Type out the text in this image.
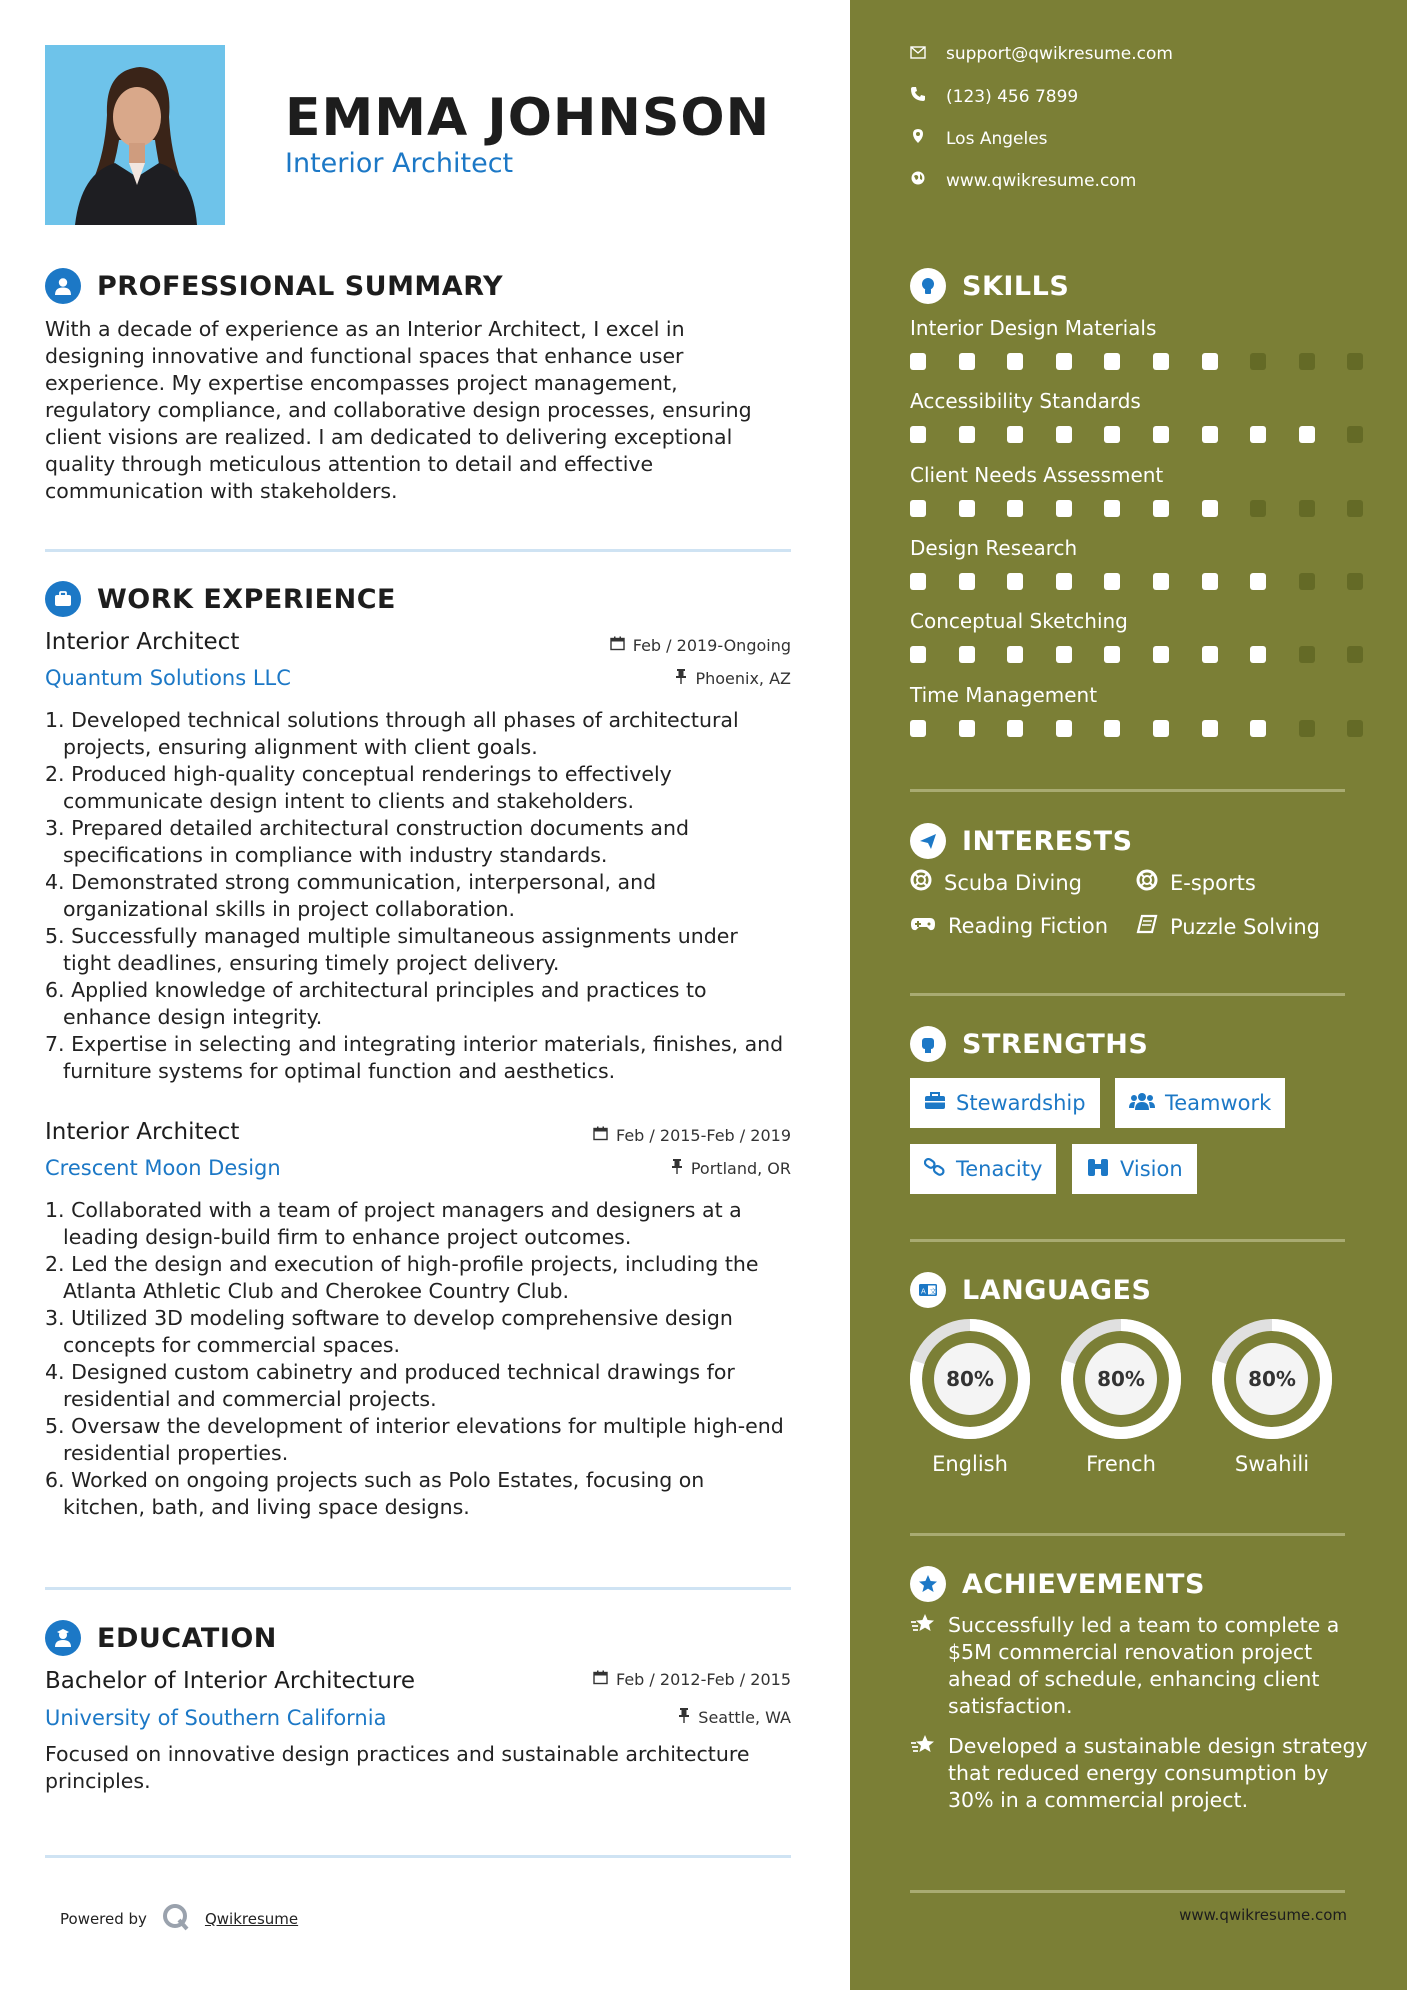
EMMA JOHNSON
Interior Architect
PROFESSIONAL SUMMARY
With a decade of experience as an Interior Architect, I excel in designing innovative and functional spaces that enhance user experience. My expertise encompasses project management, regulatory compliance, and collaborative design processes, ensuring client visions are realized. I am dedicated to delivering exceptional quality through meticulous attention to detail and effective communication with stakeholders.
WORK EXPERIENCE
Interior Architect	Feb / 2019-Ongoing
Quantum Solutions LLC	Phoenix, AZ
1. Developed technical solutions through all phases of architectural projects, ensuring alignment with client goals.
2. Produced high-quality conceptual renderings to effectively communicate design intent to clients and stakeholders.
3. Prepared detailed architectural construction documents and specifications in compliance with industry standards.
4. Demonstrated strong communication, interpersonal, and organizational skills in project collaboration.
5. Successfully managed multiple simultaneous assignments under tight deadlines, ensuring timely project delivery.
6. Applied knowledge of architectural principles and practices to enhance design integrity.
7. Expertise in selecting and integrating interior materials, finishes, and furniture systems for optimal function and aesthetics.
Interior Architect	Feb / 2015-Feb / 2019
Crescent Moon Design	Portland, OR
1. Collaborated with a team of project managers and designers at a leading design-build firm to enhance project outcomes.
2. Led the design and execution of high-profile projects, including the Atlanta Athletic Club and Cherokee Country Club.
3. Utilized 3D modeling software to develop comprehensive design concepts for commercial spaces.
4. Designed custom cabinetry and produced technical drawings for residential and commercial projects.
5. Oversaw the development of interior elevations for multiple high-end residential properties.
6. Worked on ongoing projects such as Polo Estates, focusing on kitchen, bath, and living space designs.
EDUCATION
Bachelor of Interior Architecture	Feb / 2012-Feb / 2015
University of Southern California	Seattle, WA
Focused on innovative design practices and sustainable architecture principles.
Powered by	Qwikresume
support@qwikresume.com
(123) 456 7899
Los Angeles
www.qwikresume.com
SKILLS
Interior Design Materials
Accessibility Standards
Client Needs Assessment
Design Research
Conceptual Sketching
Time Management
INTERESTS
Scuba Diving	E-sports
Reading Fiction	Puzzle Solving
STRENGTHS
Stewardship	Teamwork
Tenacity	Vision
A 文 LANGUAGES
80%
English
80%
French
80%
Swahili
ACHIEVEMENTS
Successfully led a team to complete a $5M commercial renovation project ahead of schedule, enhancing client satisfaction.
Developed a sustainable design strategy that reduced energy consumption by 30% in a commercial project.
www.qwikresume.com
